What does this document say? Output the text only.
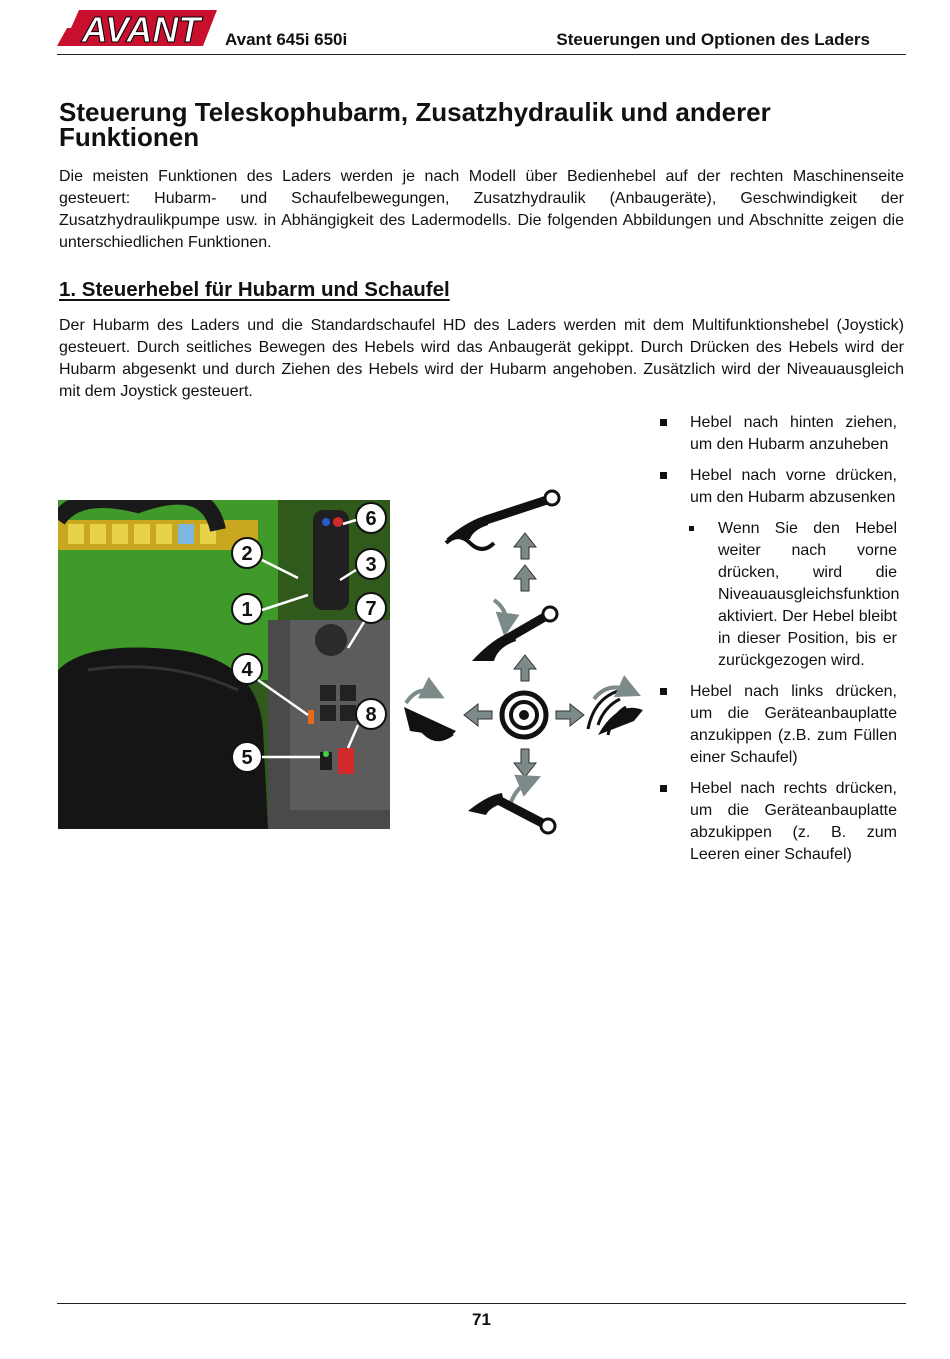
AVANT Avant 645i 650i	Steuerungen und Optionen des Laders
Steuerung Teleskophubarm, Zusatzhydraulik und anderer Funktionen
Die meisten Funktionen des Laders werden je nach Modell über Bedienhebel auf der rechten Maschinenseite gesteuert: Hubarm- und Schaufelbewegungen, Zusatzhydraulik (Anbaugeräte), Geschwindigkeit der Zusatzhydraulikpumpe usw. in Abhängigkeit des Ladermodells. Die folgenden Abbildungen und Abschnitte zeigen die unterschiedlichen Funktionen.
1. Steuerhebel für Hubarm und Schaufel
Der Hubarm des Laders und die Standardschaufel HD des Laders werden mit dem Multifunktionshebel (Joystick) gesteuert. Durch seitliches Bewegen des Hebels wird das Anbaugerät gekippt. Durch Drücken des Hebels wird der Hubarm abgesenkt und durch Ziehen des Hebels wird der Hubarm angehoben. Zusätzlich wird der Niveauausgleich mit dem Joystick gesteuert.
Hebel nach hinten ziehen, um den Hubarm anzuheben
Hebel nach vorne drücken, um den Hubarm abzusenken
Wenn Sie den Hebel weiter nach vorne drücken, wird die Niveauausgleichsfunktion aktiviert. Der Hebel bleibt in dieser Position, bis er zurückgezogen wird.
Hebel nach links drücken, um die Geräteanbauplatte anzukippen (z.B. zum Füllen einer Schaufel)
Hebel nach rechts drücken, um die Geräteanbauplatte abzukippen (z. B. zum Leeren einer Schaufel)
6
2	3
1	7
4
8
5
71
